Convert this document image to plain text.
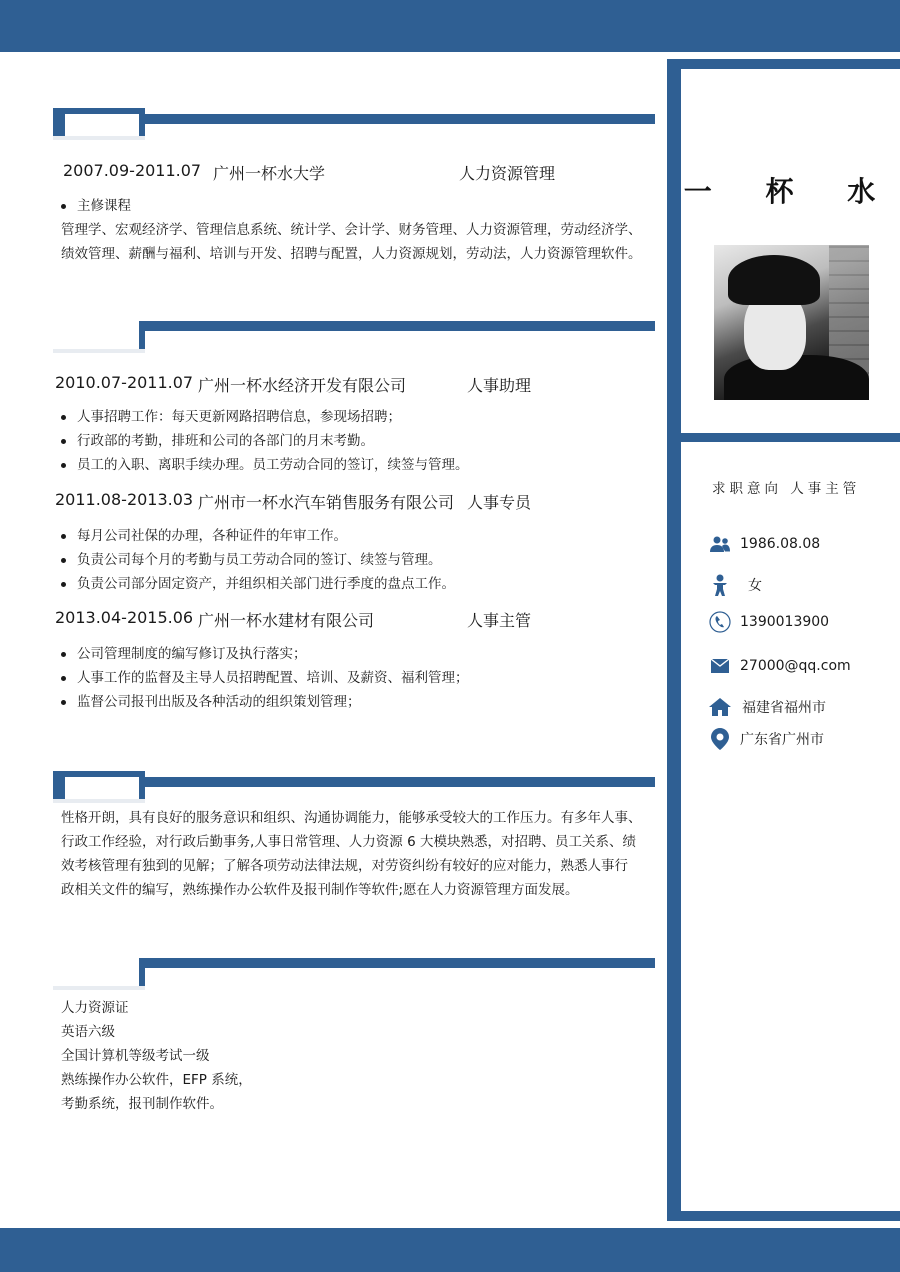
2007.09-2011.07 广州一杯水大学	人力资源管理
主修课程
管理学、宏观经济学、管理信息系统、统计学、会计学、财务管理、人力资源管理，劳动经济学、
绩效管理、薪酬与福利、培训与开发、招聘与配置，人力资源规划，劳动法，人力资源管理软件。
2010.07-2011.07 广州一杯水经济开发有限公司	人事助理
人事招聘工作：每天更新网路招聘信息，参现场招聘；
行政部的考勤，排班和公司的各部门的月末考勤。
员工的入职、离职手续办理。员工劳动合同的签订，续签与管理。
2011.08-2013.03 广州市一杯水汽车销售服务有限公司 人事专员
每月公司社保的办理，各种证件的年审工作。
负责公司每个月的考勤与员工劳动合同的签订、续签与管理。
负责公司部分固定资产，并组织相关部门进行季度的盘点工作。
2013.04-2015.06 广州一杯水建材有限公司	人事主管
公司管理制度的编写修订及执行落实；
人事工作的监督及主导人员招聘配置、培训、及薪资、福利管理；
监督公司报刊出版及各种活动的组织策划管理；
性格开朗，具有良好的服务意识和组织、沟通协调能力，能够承受较大的工作压力。有多年人事、
行政工作经验，对行政后勤事务,人事日常管理、人力资源 6 大模块熟悉，对招聘、员工关系、绩
效考核管理有独到的见解；了解各项劳动法律法规，对劳资纠纷有较好的应对能力，熟悉人事行
政相关文件的编写，熟练操作办公软件及报刊制作等软件;愿在人力资源管理方面发展。
人力资源证
英语六级
全国计算机等级考试一级
熟练操作办公软件，EFP 系统，
考勤系统，报刊制作软件。
一 杯 水
求职意向 人事主管
1986.08.08
女
1390013900
27000@qq.com
福建省福州市
广东省广州市
